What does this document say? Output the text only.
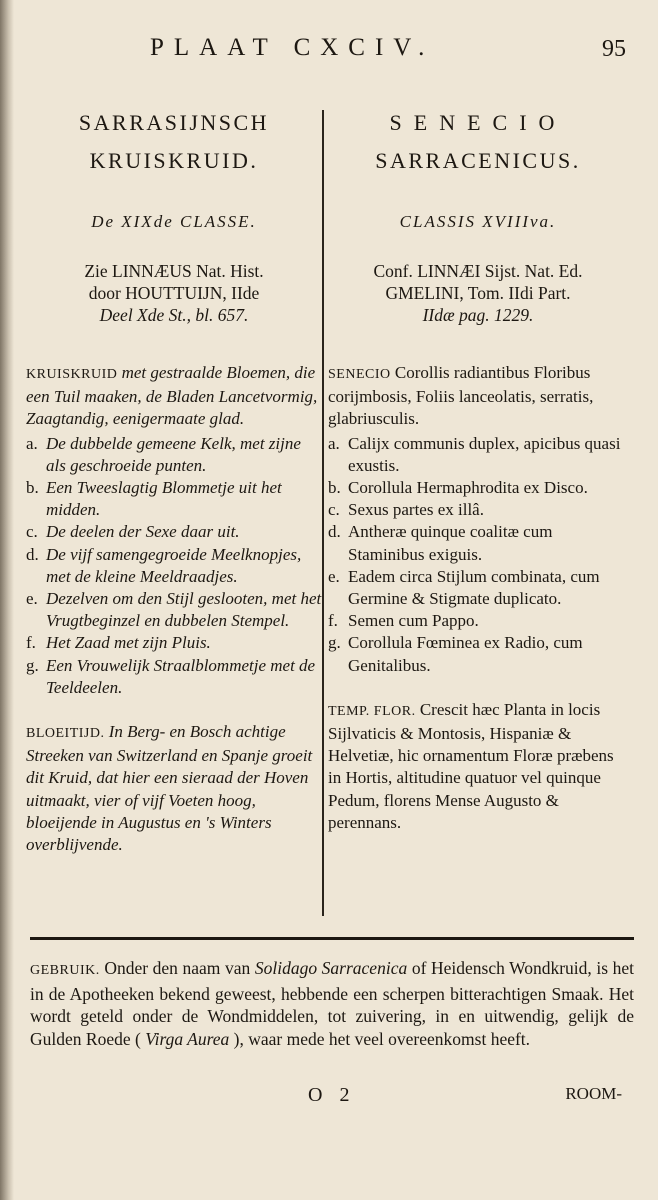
PLAAT CXCIV.	95
SARRASIJNSCH
KRUISKRUID.
De XIXde CLASSE.
Zie LINNÆUS Nat. Hist.
door HOUTTUIJN, IIde
Deel Xde St., bl. 657.
KRUISKRUID met gestraalde Bloemen, die een Tuil maaken, de Bladen Lancetvormig, Zaagtandig, eenigermaate glad.
a. De dubbelde gemeene Kelk, met zijne als geschroeide punten.
b. Een Tweeslagtig Blommetje uit het midden.
c. De deelen der Sexe daar uit.
d. De vijf samengegroeide Meelknopjes, met de kleine Meeldraadjes.
e. Dezelven om den Stijl geslooten, met het Vrugtbeginzel en dubbelen Stempel.
f. Het Zaad met zijn Pluis.
g. Een Vrouwelijk Straalblommetje met de Teeldeelen.
BLOEITIJD. In Berg- en Bosch achtige Streeken van Switzerland en Spanje groeit dit Kruid, dat hier een sieraad der Hoven uitmaakt, vier of vijf Voeten hoog, bloeijende in Augustus en 's Winters overblijvende.
SENECIO
SARRACENICUS.
CLASSIS XVIIIva.
Conf. LINNÆI Sijst. Nat. Ed.
GMELINI, Tom. IIdi Part.
IIdæ pag. 1229.
SENECIO Corollis radiantibus Floribus corijmbosis, Foliis lanceolatis, serratis, glabriusculis.
a. Calijx communis duplex, apicibus quasi exustis.
b. Corollula Hermaphrodita ex Disco.
c. Sexus partes ex illâ.
d. Antheræ quinque coalitæ cum Staminibus exiguis.
e. Eadem circa Stijlum combinata, cum Germine & Stigmate duplicato.
f. Semen cum Pappo.
g. Corollula Fœminea ex Radio, cum Genitalibus.
TEMP. FLOR. Crescit hæc Planta in locis Sijlvaticis & Montosis, Hispaniæ & Helvetiæ, hic ornamentum Floræ præbens in Hortis, altitudine quatuor vel quinque Pedum, florens Mense Augusto & perennans.
GEBRUIK. Onder den naam van Solidago Sarracenica of Heidensch Wondkruid, is het in de Apotheeken bekend geweest, hebbende een scherpen bitterachtigen Smaak. Het wordt geteld onder de Wondmiddelen, tot zuivering, in en uitwendig, gelijk de Gulden Roede ( Virga Aurea ), waar mede het veel overeenkomst heeft.
O 2	ROOM-
